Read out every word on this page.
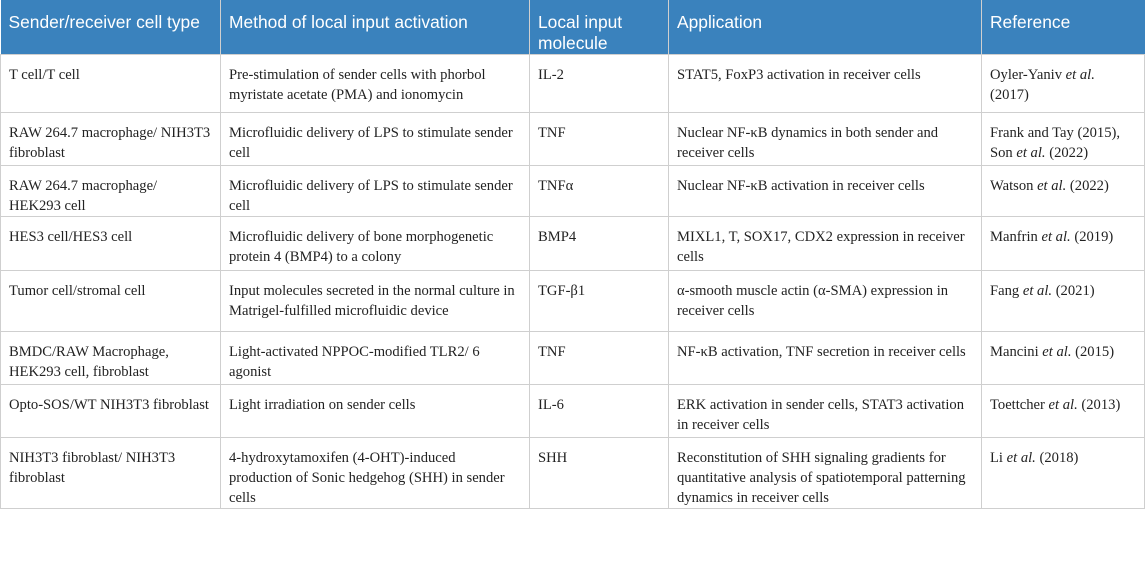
Sender/receiver cell type	Method of local input activation	Local input molecule	Application	Reference
T cell/T cell	Pre-stimulation of sender cells with phorbol myristate acetate (PMA) and ionomycin	IL-2	STAT5, FoxP3 activation in receiver cells	Oyler-Yaniv et al. (2017)
RAW 264.7 macrophage/ NIH3T3 fibroblast	Microfluidic delivery of LPS to stimulate sender cell	TNF	Nuclear NF-κB dynamics in both sender and receiver cells	Frank and Tay (2015), Son et al. (2022)
RAW 264.7 macrophage/ HEK293 cell	Microfluidic delivery of LPS to stimulate sender cell	TNFα	Nuclear NF-κB activation in receiver cells	Watson et al. (2022)
HES3 cell/HES3 cell	Microfluidic delivery of bone morphogenetic protein 4 (BMP4) to a colony	BMP4	MIXL1, T, SOX17, CDX2 expression in receiver cells	Manfrin et al. (2019)
Tumor cell/stromal cell	Input molecules secreted in the normal culture in Matrigel-fulfilled microfluidic device	TGF-β1	α-smooth muscle actin (α-SMA) expression in receiver cells	Fang et al. (2021)
BMDC/RAW Macrophage, HEK293 cell, fibroblast	Light-activated NPPOC-modified TLR2/ 6 agonist	TNF	NF-κB activation, TNF secretion in receiver cells	Mancini et al. (2015)
Opto-SOS/WT NIH3T3 fibroblast	Light irradiation on sender cells	IL-6	ERK activation in sender cells, STAT3 activation in receiver cells	Toettcher et al. (2013)
NIH3T3 fibroblast/ NIH3T3 fibroblast	4-hydroxytamoxifen (4-OHT)-induced production of Sonic hedgehog (SHH) in sender cells	SHH	Reconstitution of SHH signaling gradients for quantitative analysis of spatiotemporal patterning dynamics in receiver cells	Li et al. (2018)
